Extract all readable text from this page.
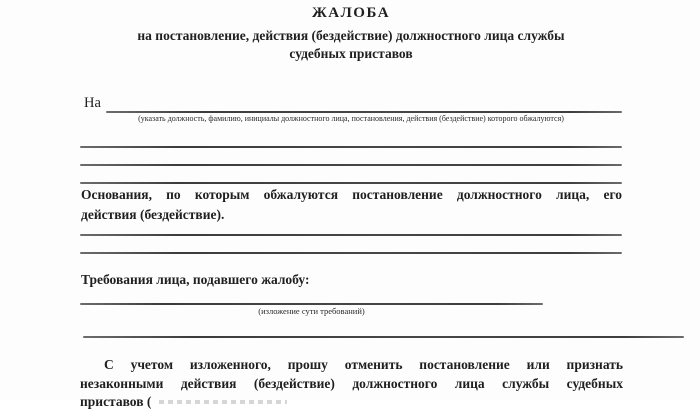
ЖАЛОБА
на постановление, действия (бездействие) должностного лица службы
судебных приставов
На
(указать должность, фамилию, инициалы должностного лица, постановления, действия (бездействие) которого обжалуются)
Основания, по которым обжалуются постановление должностного лица, его
действия (бездействие).
Требования лица, подавшего жалобу:
(изложение сути требований)
С учетом изложенного, прошу отменить постановление или признать
незаконными действия (бездействие) должностного лица службы судебных
приставов (
